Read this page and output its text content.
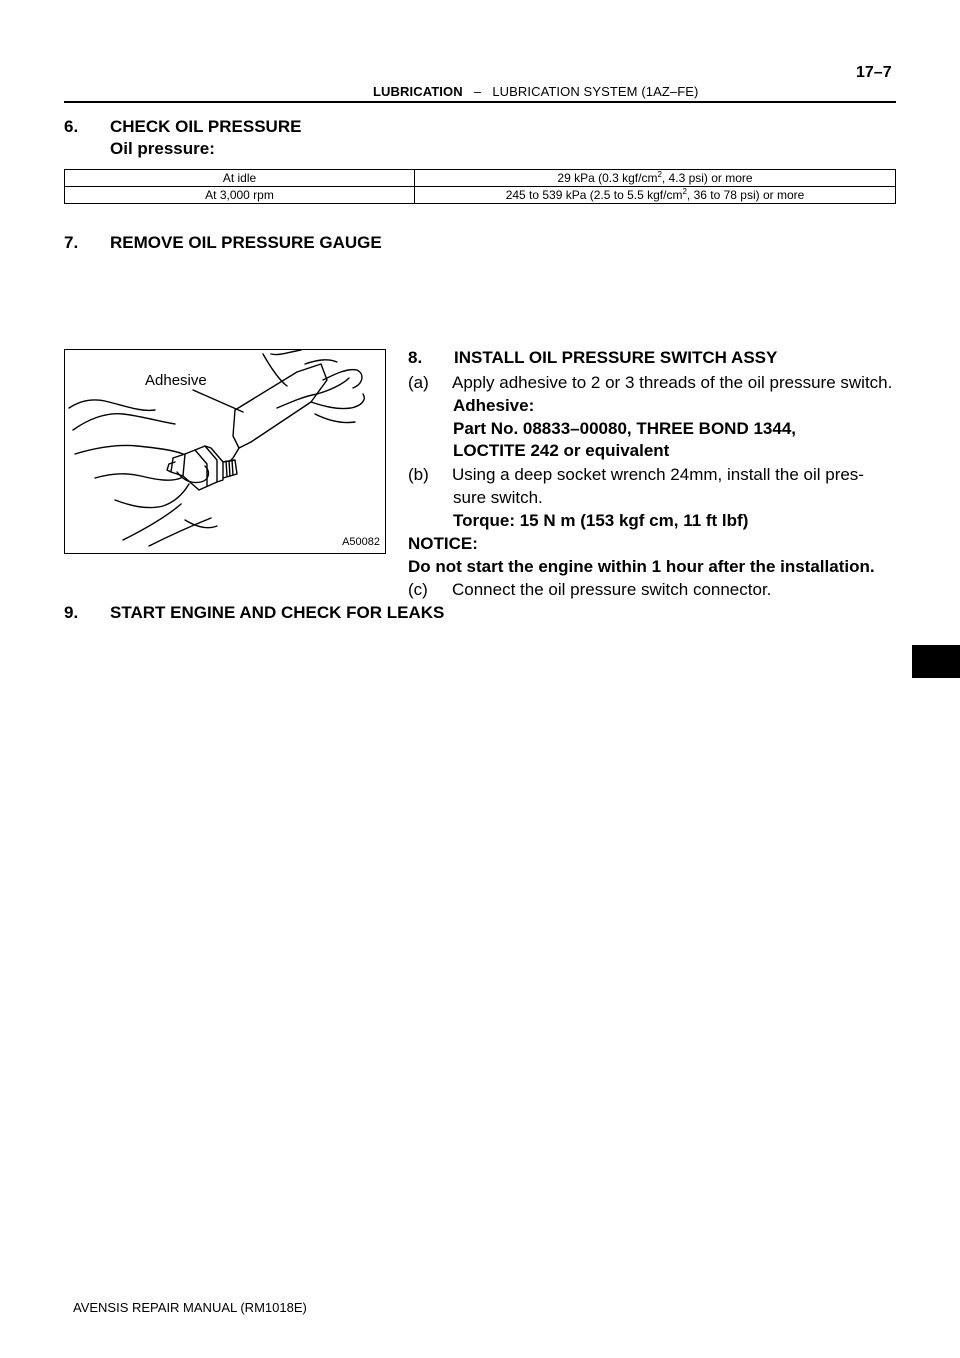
17–7
LUBRICATION – LUBRICATION SYSTEM (1AZ–FE)
6. CHECK OIL PRESSURE
Oil pressure:
At idle	29 kPa (0.3 kgf/$cm^2$, 4.3 psi) or more
At 3,000 rpm	245 to 539 kPa (2.5 to 5.5 kgf/$cm^2$, 36 to 78 psi) or more
7. REMOVE OIL PRESSURE GAUGE
Adhesive
A50082
8. INSTALL OIL PRESSURE SWITCH ASSY
(a) Apply adhesive to 2 or 3 threads of the oil pressure switch.
Adhesive:
Part No. 08833–00080, THREE BOND 1344,
LOCTITE 242 or equivalent
(b) Using a deep socket wrench 24mm, install the oil pres-
sure switch.
Torque: 15 N m (153 kgf cm, 11 ft lbf)
NOTICE:
Do not start the engine within 1 hour after the installation.
(c) Connect the oil pressure switch connector.
9. START ENGINE AND CHECK FOR LEAKS
AVENSIS REPAIR MANUAL (RM1018E)
